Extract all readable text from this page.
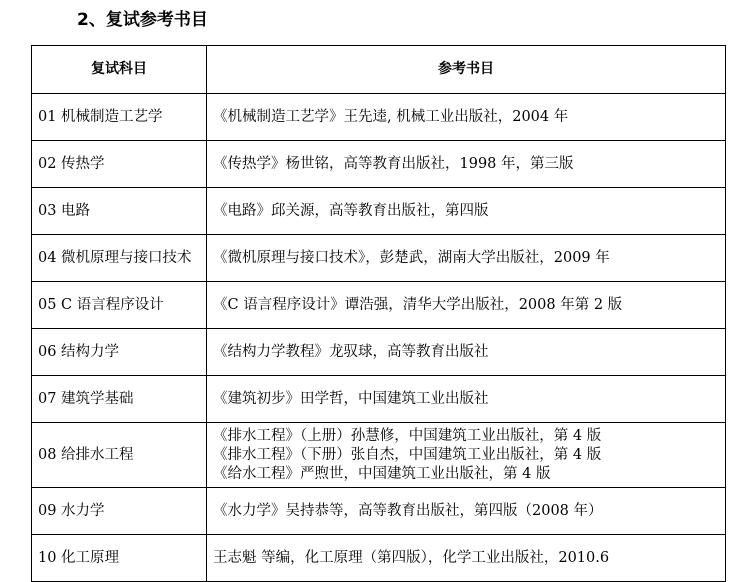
2、复试参考书目
复试科目	参考书目
01 机械制造工艺学	《机械制造工艺学》王先逵, 机械工业出版社，2004 年

02 传热学	《传热学》杨世铭，高等教育出版社，1998 年，第三版

03 电路	《电路》邱关源，高等教育出版社，第四版

04 微机原理与接口技术	《微机原理与接口技术》，彭楚武，湖南大学出版社，2009 年

05 C 语言程序设计	《C 语言程序设计》谭浩强，清华大学出版社，2008 年第 2 版

06 结构力学	《结构力学教程》龙驭球，高等教育出版社

07 建筑学基础	《建筑初步》田学哲，中国建筑工业出版社

08 给排水工程	《排水工程》（上册）孙慧修，中国建筑工业出版社，第 4 版
《排水工程》（下册）张自杰，中国建筑工业出版社，第 4 版
《给水工程》严煦世，中国建筑工业出版社，第 4 版

09 水力学	《水力学》吴持恭等，高等教育出版社，第四版（2008 年）

10 化工原理	王志魁 等编，化工原理（第四版），化学工业出版社，2010.6
